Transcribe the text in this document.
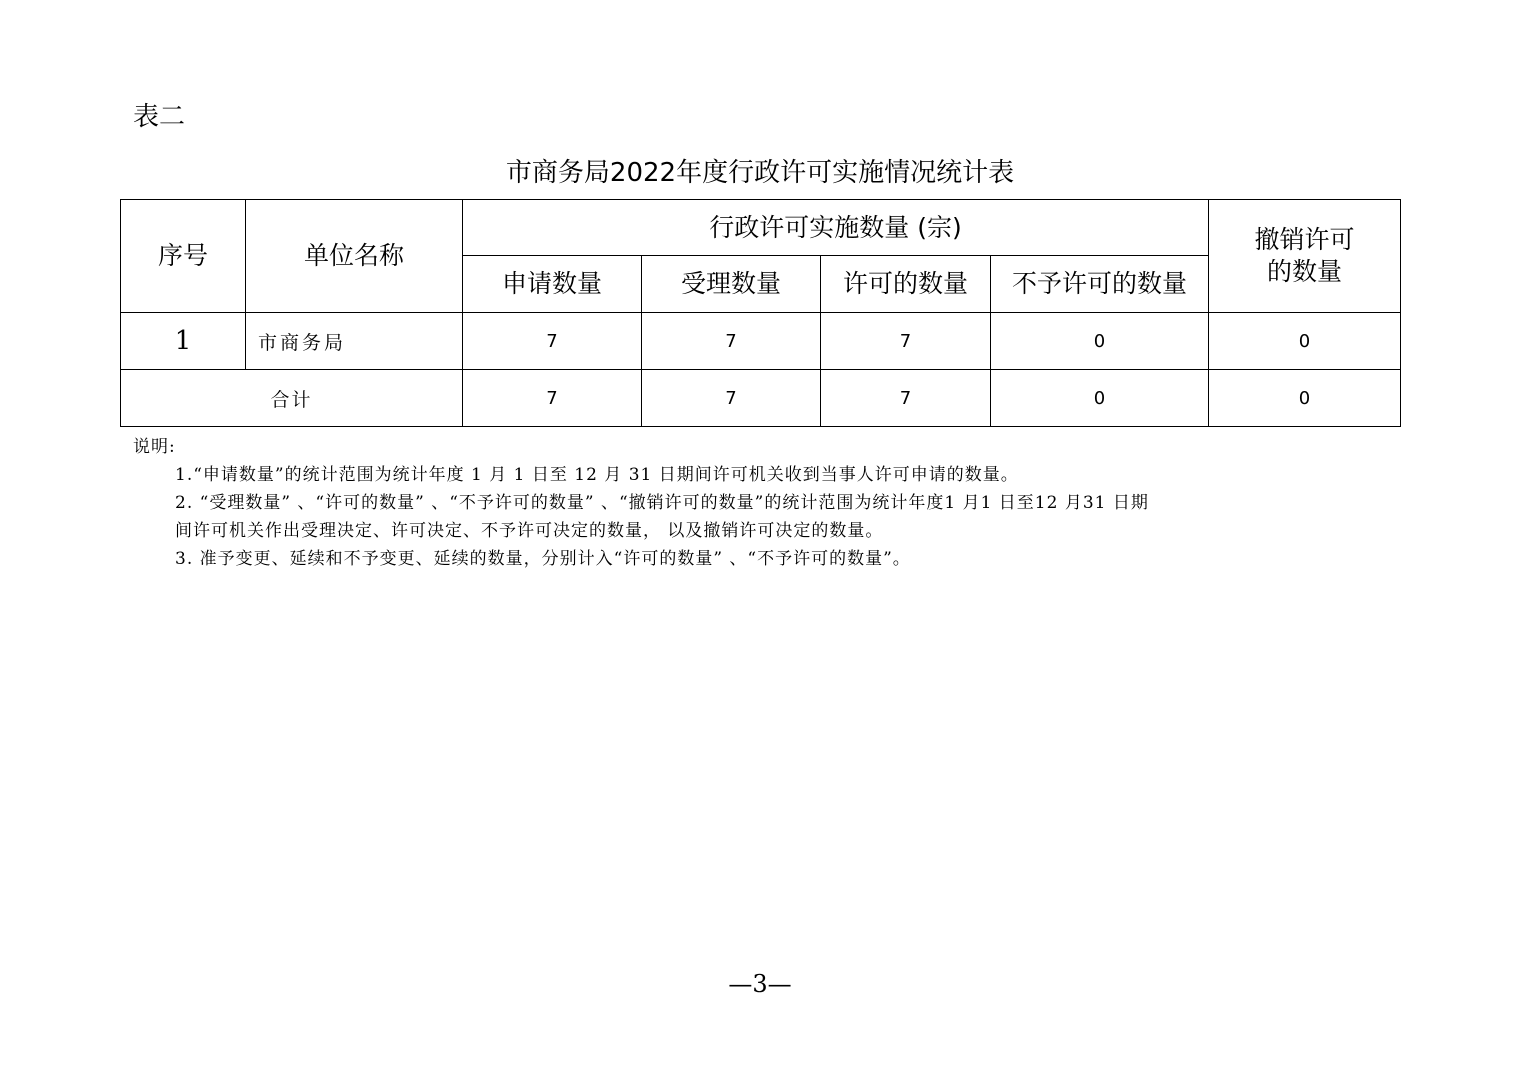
表二
市商务局2022年度行政许可实施情况统计表
序号	单位名称	行政许可实施数量 (宗)				撤销许可
的数量
		申请数量	受理数量	许可的数量	不予许可的数量	
1	市商务局	7	7	7	0	0
合计		7	7	7	0	0
说明:
1.“申请数量”的统计范围为统计年度 1 月 1 日至 12 月 31 日期间许可机关收到当事人许可申请的数量。
2. “受理数量” 、“许可的数量” 、“不予许可的数量” 、“撤销许可的数量”的统计范围为统计年度1 月1 日至12 月31 日期
间许可机关作出受理决定、许可决定、不予许可决定的数量， 以及撤销许可决定的数量。
3. 准予变更、延续和不予变更、延续的数量，分别计入“许可的数量” 、“不予许可的数量”。
—3—
